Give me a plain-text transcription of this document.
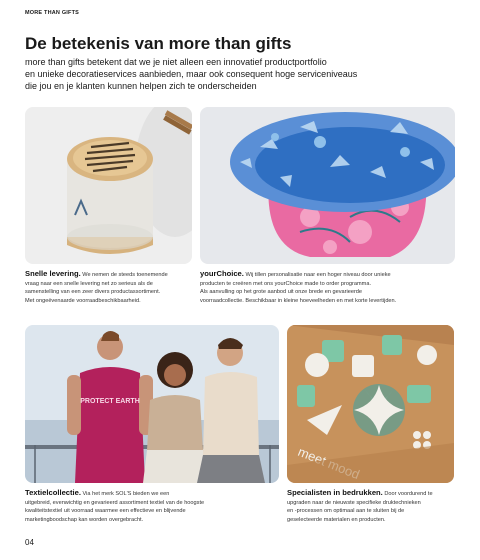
MORE THAN GIFTS
De betekenis van more than gifts
more than gifts betekent dat we je niet alleen een innovatief productportfolio
en unieke decoratieservices aanbieden, maar ook consequent hoge serviceniveaus
die jou en je klanten kunnen helpen zich te onderscheiden
Snelle levering. We nemen de steeds toenemende
vraag naar een snelle levering net zo serieus als de
samenstelling van een zeer divers productassortiment.
Met ongeëvenaarde voorraadbeschikbaarheid.
yourChoice. Wij tillen personalisatie naar een hoger niveau door unieke
producten te creëren met ons yourChoice made to order programma.
Als aanvulling op het grote aanbod uit onze brede en gevarieerde
voorraadcollectie. Beschikbaar in kleine hoeveelheden en met korte levertijden.
PROTECT EARTH
Textielcollectie. Via het merk SOL'S bieden we een
uitgebreid, evenwichtig en gevarieerd assortiment textiel van de hoogste
kwaliteitstextiel uit voorraad waarmee een effectieve en blijvende
marketingboodschap kan worden overgebracht.
Specialisten in bedrukken. Door voordurend te
upgraden naar de nieuwste specifieke druktechnieken
en -processen om optimaal aan te sluiten bij de
geselecteerde materialen en producten.
04
